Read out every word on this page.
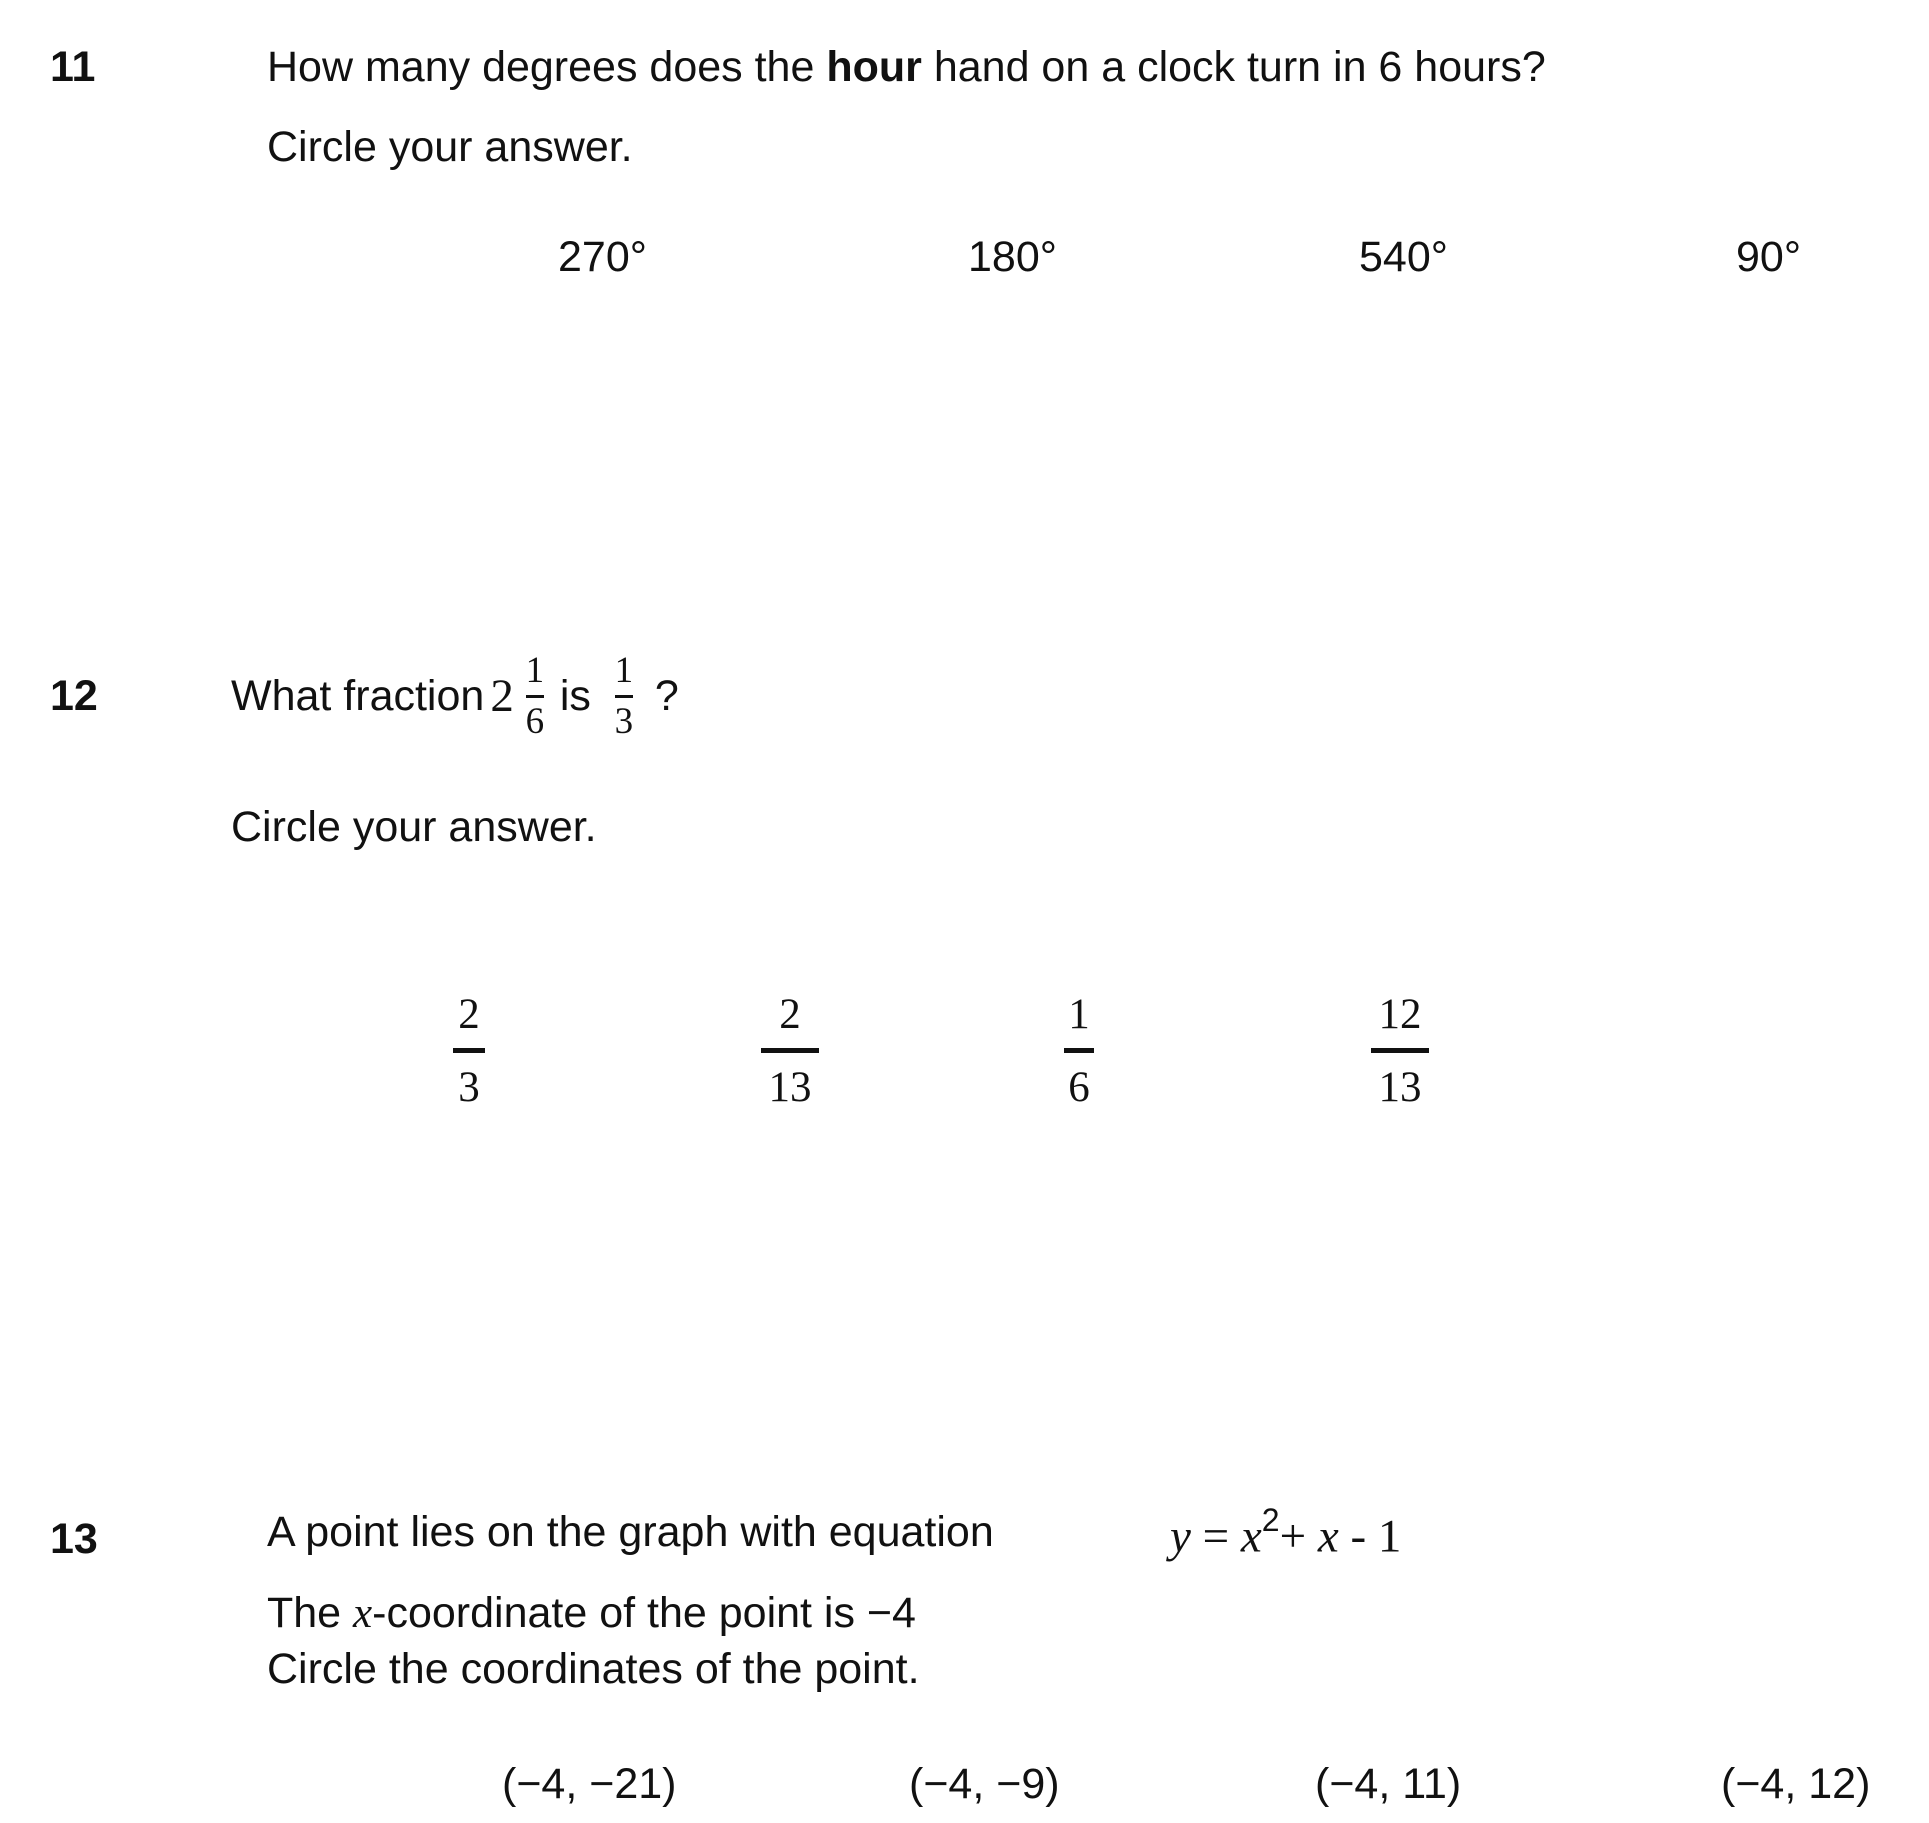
11	How many degrees does the hour hand on a clock turn in 6 hours?
Circle your answer.
270°	180°	540°	90°
12	What fraction 2 1
6
is
1
3
?
Circle your answer.
2
3
2
13
1
6
12
13
13	A point lies on the graph with equation	$y = x^2+ x - 1$
The x-coordinate of the point is −4
Circle the coordinates of the point.
(−4, −21)	(−4, −9)	(−4, 11)	(−4, 12)
